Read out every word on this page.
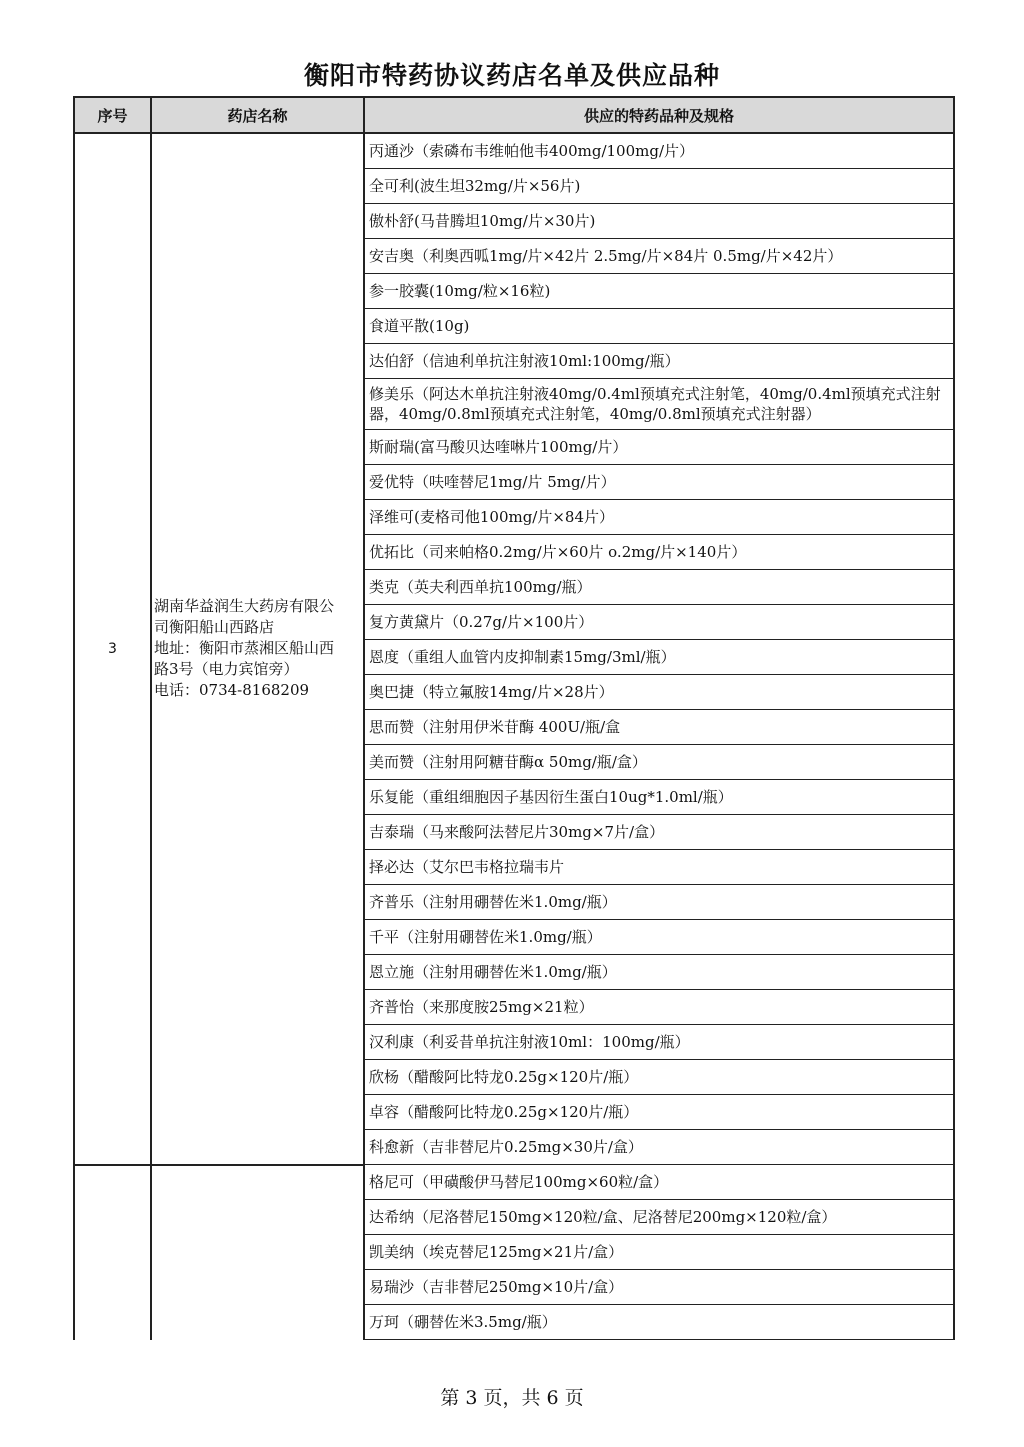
衡阳市特药协议药店名单及供应品种
序号	药店名称	供应的特药品种及规格
3	湖南华益润生大药房有限公
司衡阳船山西路店
地址：衡阳市蒸湘区船山西
路3号（电力宾馆旁）
电话：0734-8168209	丙通沙（索磷布韦维帕他韦400mg/100mg/片）
		全可利(波生坦32mg/片×56片)
		傲朴舒(马昔腾坦10mg/片×30片)
		安吉奥（利奥西呱1mg/片×42片 2.5mg/片×84片 0.5mg/片×42片）
		参一胶囊(10mg/粒×16粒)
		食道平散(10g)
		达伯舒（信迪利单抗注射液10ml:100mg/瓶）
		修美乐（阿达木单抗注射液40mg/0.4ml预填充式注射笔，40mg/0.4ml预填充式注射器，40mg/0.8ml预填充式注射笔，40mg/0.8ml预填充式注射器）
		斯耐瑞(富马酸贝达喹啉片100mg/片）
		爱优特（呋喹替尼1mg/片 5mg/片）
		泽维可(麦格司他100mg/片×84片）
		优拓比（司来帕格0.2mg/片×60片 o.2mg/片×140片）
		类克（英夫利西单抗100mg/瓶）
		复方黄黛片（0.27g/片×100片）
		恩度（重组人血管内皮抑制素15mg/3ml/瓶）
		奥巴捷（特立氟胺14mg/片×28片）
		思而赞（注射用伊米苷酶 400U/瓶/盒
		美而赞（注射用阿糖苷酶α 50mg/瓶/盒）
		乐复能（重组细胞因子基因衍生蛋白10ug*1.0ml/瓶）
		吉泰瑞（马来酸阿法替尼片30mg×7片/盒）
		择必达（艾尔巴韦格拉瑞韦片
		齐普乐（注射用硼替佐米1.0mg/瓶）
		千平（注射用硼替佐米1.0mg/瓶）
		恩立施（注射用硼替佐米1.0mg/瓶）
		齐普怡（来那度胺25mg×21粒）
		汉利康（利妥昔单抗注射液10ml：100mg/瓶）
		欣杨（醋酸阿比特龙0.25g×120片/瓶）
		卓容（醋酸阿比特龙0.25g×120片/瓶）
		科愈新（吉非替尼片0.25mg×30片/盒）
		格尼可（甲磺酸伊马替尼100mg×60粒/盒）
		达希纳（尼洛替尼150mg×120粒/盒、尼洛替尼200mg×120粒/盒）
		凯美纳（埃克替尼125mg×21片/盒）
		易瑞沙（吉非替尼250mg×10片/盒）
		万珂（硼替佐米3.5mg/瓶）
第 3 页，共 6 页
